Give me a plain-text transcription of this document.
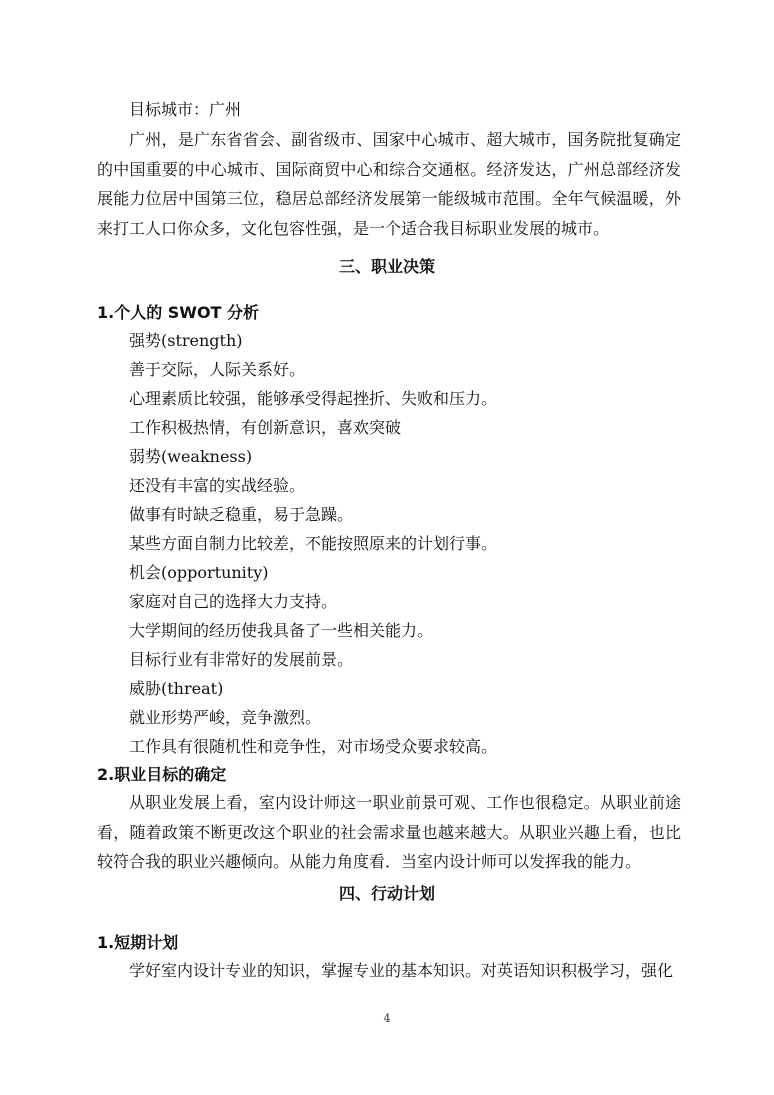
目标城市：广州

广州，是广东省省会、副省级市、国家中心城市、超大城市，国务院批复确定的中国重要的中心城市、国际商贸中心和综合交通枢。经济发达，广州总部经济发展能力位居中国第三位，稳居总部经济发展第一能级城市范围。全年气候温暖，外来打工人口你众多，文化包容性强，是一个适合我目标职业发展的城市。

三、职业决策

1.个人的 SWOT 分析

强势(strength)

善于交际，人际关系好。

心理素质比较强，能够承受得起挫折、失败和压力。

工作积极热情，有创新意识，喜欢突破

弱势(weakness)

还没有丰富的实战经验。

做事有时缺乏稳重，易于急躁。

某些方面自制力比较差，不能按照原来的计划行事。

机会(opportunity)

家庭对自己的选择大力支持。

大学期间的经历使我具备了一些相关能力。

目标行业有非常好的发展前景。

威胁(threat)

就业形势严峻，竞争激烈。

工作具有很随机性和竞争性，对市场受众要求较高。

2.职业目标的确定

从职业发展上看，室内设计师这一职业前景可观、工作也很稳定。从职业前途看，随着政策不断更改这个职业的社会需求量也越来越大。从职业兴趣上看，也比较符合我的职业兴趣倾向。从能力角度看．当室内设计师可以发挥我的能力。

四、行动计划

1.短期计划

学好室内设计专业的知识，掌握专业的基本知识。对英语知识积极学习，强化

4
